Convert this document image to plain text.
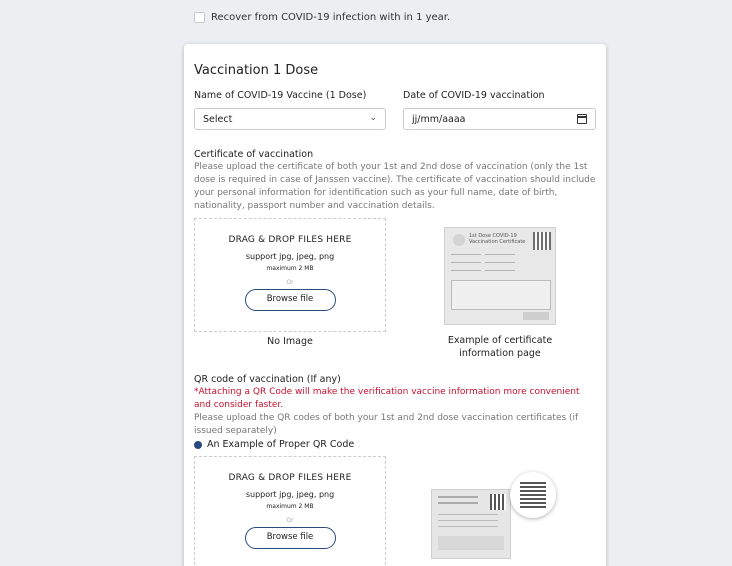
Recover from COVID-19 infection with in 1 year.
Vaccination 1 Dose
Name of COVID-19 Vaccine (1 Dose)	Date of COVID-19 vaccination
Select	⌄	jj/mm/aaaa
Certificate of vaccination
Please upload the certificate of both your 1st and 2nd dose of vaccination (only the 1st dose is required in case of Janssen vaccine). The certificate of vaccination should include your personal information for identification such as your full name, date of birth, nationality, passport number and vaccination details.
DRAG & DROP FILES HERE
support jpg, jpeg, png
maximum 2 MB
Or
Browse file
No Image
1st Dose COVID-19
Vaccination Certificate
Example of certificate
information page
QR code of vaccination (If any)
*Attaching a QR Code will make the verification vaccine information more convenient and consider faster.
Please upload the QR codes of both your 1st and 2nd dose vaccination certificates (if issued separately)
An Example of Proper QR Code
DRAG & DROP FILES HERE
support jpg, jpeg, png
maximum 2 MB
Or
Browse file
